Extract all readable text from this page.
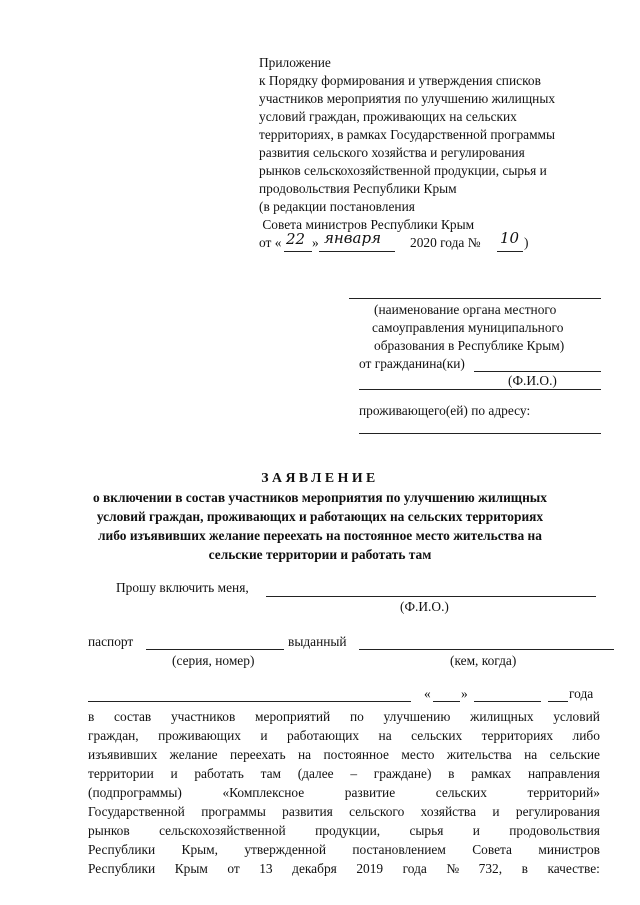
Приложение
к Порядку формирования и утверждения списков
участников мероприятия по улучшению жилищных
условий граждан, проживающих на сельских
территориях, в рамках Государственной программы
развития сельского хозяйства и регулирования
рынков сельскохозяйственной продукции, сырья и
продовольствия Республики Крым
(в редакции постановления
Совета министров Республики Крым
от « 22 » января 2020 года № 10 )
(наименование органа местного
самоуправления муниципального
образования в Республике Крым)
от гражданина(ки)
(Ф.И.О.)
проживающего(ей) по адресу:
ЗАЯВЛЕНИЕ
о включении в состав участников мероприятия по улучшению жилищных
условий граждан, проживающих и работающих на сельских территориях
либо изъявивших желание переехать на постоянное место жительства на
сельские территории и работать там
Прошу включить меня,
(Ф.И.О.)
паспорт	выданный
(серия, номер)	(кем, когда)
« »	года
в состав участников мероприятий по улучшению жилищных условий
граждан, проживающих и работающих на сельских территориях либо
изъявивших желание переехать на постоянное место жительства на сельские
территории и работать там (далее – граждане) в рамках направления
(подпрограммы)	«Комплексное	развитие	сельских	территорий»
Государственной программы развития сельского хозяйства и регулирования
рынков сельскохозяйственной продукции, сырья и продовольствия
Республики Крым, утвержденной постановлением Совета министров
Республики Крым от 13 декабря 2019 года № 732, в качестве:
